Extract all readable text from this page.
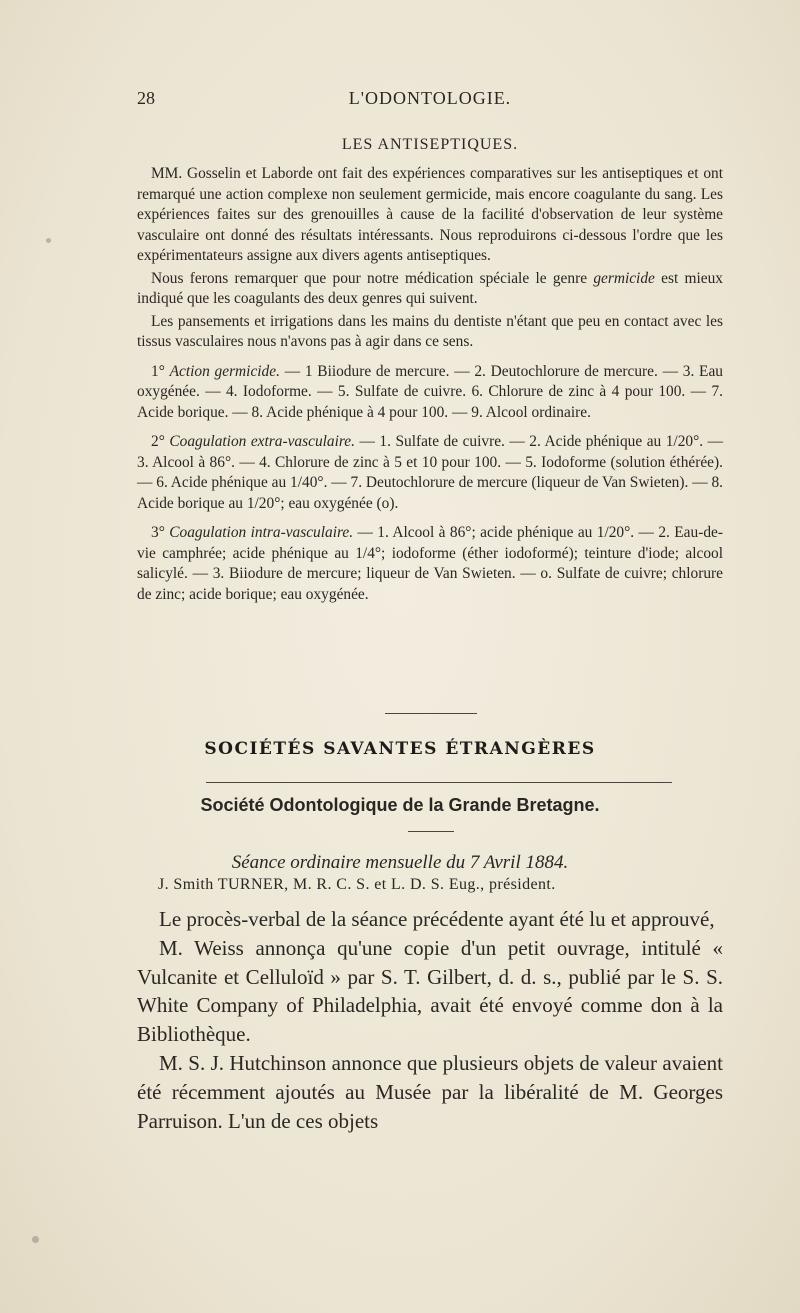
28	L'ODONTOLOGIE.
LES ANTISEPTIQUES.

MM. Gosselin et Laborde ont fait des expériences comparatives sur les antiseptiques et ont remarqué une action complexe non seulement germicide, mais encore coagulante du sang. Les expériences faites sur des grenouilles à cause de la facilité d'observation de leur système vasculaire ont donné des résultats intéressants. Nous reproduirons ci-dessous l'ordre que les expérimentateurs assigne aux divers agents antiseptiques.

Nous ferons remarquer que pour notre médication spéciale le genre germicide est mieux indiqué que les coagulants des deux genres qui suivent.

Les pansements et irrigations dans les mains du dentiste n'étant que peu en contact avec les tissus vasculaires nous n'avons pas à agir dans ce sens.

1° Action germicide. — 1 Biiodure de mercure. — 2. Deutochlorure de mercure. — 3. Eau oxygénée. — 4. Iodoforme. — 5. Sulfate de cuivre. 6. Chlorure de zinc à 4 pour 100. — 7. Acide borique. — 8. Acide phénique à 4 pour 100. — 9. Alcool ordinaire.

2° Coagulation extra-vasculaire. — 1. Sulfate de cuivre. — 2. Acide phénique au 1/20°. — 3. Alcool à 86°. — 4. Chlorure de zinc à 5 et 10 pour 100. — 5. Iodoforme (solution éthérée). — 6. Acide phénique au 1/40°. — 7. Deutochlorure de mercure (liqueur de Van Swieten). — 8. Acide borique au 1/20°; eau oxygénée (o).

3° Coagulation intra-vasculaire. — 1. Alcool à 86°; acide phénique au 1/20°. — 2. Eau-de-vie camphrée; acide phénique au 1/4°; iodoforme (éther iodoformé); teinture d'iode; alcool salicylé. — 3. Biiodure de mercure; liqueur de Van Swieten. — o. Sulfate de cuivre; chlorure de zinc; acide borique; eau oxygénée.

SOCIÉTÉS SAVANTES ÉTRANGÈRES
Société Odontologique de la Grande Bretagne.
Séance ordinaire mensuelle du 7 Avril 1884.
J. Smith TURNER, M. R. C. S. et L. D. S. Eug., président.

Le procès-verbal de la séance précédente ayant été lu et approuvé,

M. Weiss annonça qu'une copie d'un petit ouvrage, intitulé « Vulcanite et Celluloïd » par S. T. Gilbert, d. d. s., publié par le S. S. White Company of Philadelphia, avait été envoyé comme don à la Bibliothèque.

M. S. J. Hutchinson annonce que plusieurs objets de valeur avaient été récemment ajoutés au Musée par la libéralité de M. Georges Parruison. L'un de ces objets
